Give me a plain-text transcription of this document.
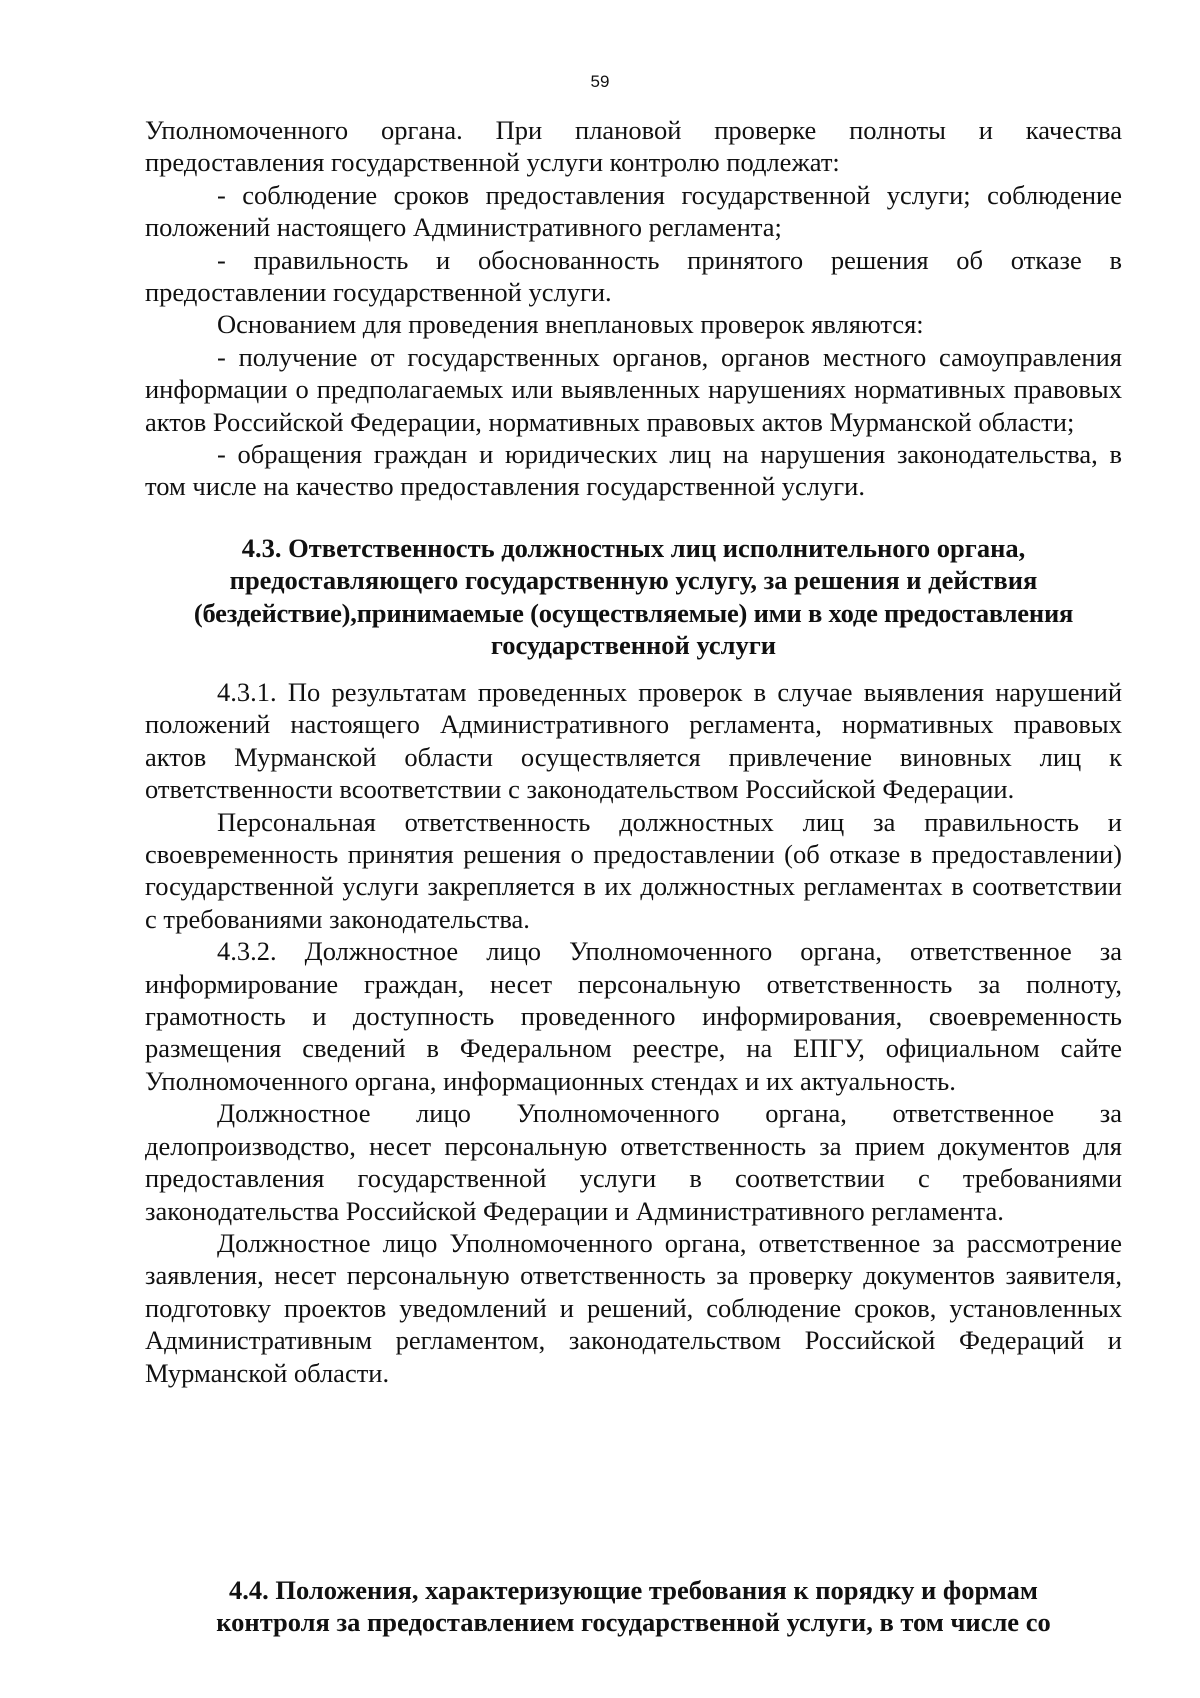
59

Уполномоченного органа. При плановой проверке полноты и качества предоставления государственной услуги контролю подлежат:

- соблюдение сроков предоставления государственной услуги; соблюдение положений настоящего Административного регламента;

- правильность и обоснованность принятого решения об отказе в предоставлении государственной услуги.

Основанием для проведения внеплановых проверок являются:

- получение от государственных органов, органов местного самоуправления информации о предполагаемых или выявленных нарушениях нормативных правовых актов Российской Федерации, нормативных правовых актов Мурманской области;

- обращения граждан и юридических лиц на нарушения законодательства, в том числе на качество предоставления государственной услуги.

4.3. Ответственность должностных лиц исполнительного органа,

предоставляющего государственную услугу, за решения и действия

(бездействие),принимаемые (осуществляемые) ими в ходе предоставления

государственной услуги

4.3.1. По результатам проведенных проверок в случае выявления нарушений положений настоящего Административного регламента, нормативных правовых актов Мурманской области осуществляется привлечение виновных лиц к ответственности всоответствии с законодательством Российской Федерации.

Персональная ответственность должностных лиц за правильность и своевременность принятия решения о предоставлении (об отказе в предоставлении) государственной услуги закрепляется в их должностных регламентах в соответствии с требованиями законодательства.

4.3.2. Должностное лицо Уполномоченного органа, ответственное за информирование граждан, несет персональную ответственность за полноту, грамотность и доступность проведенного информирования, своевременность размещения сведений в Федеральном реестре, на ЕПГУ, официальном сайте Уполномоченного органа, информационных стендах и их актуальность.

Должностное лицо Уполномоченного органа, ответственное за делопроизводство, несет персональную ответственность за прием документов для предоставления государственной услуги в соответствии с требованиями законодательства Российской Федерации и Административного регламента.

Должностное лицо Уполномоченного органа, ответственное за рассмотрение заявления, несет персональную ответственность за проверку документов заявителя, подготовку проектов уведомлений и решений, соблюдение сроков, установленных Административным регламентом, законодательством Российской Федераций и Мурманской области.

4.4. Положения, характеризующие требования к порядку и формам

контроля за предоставлением государственной услуги, в том числе со
